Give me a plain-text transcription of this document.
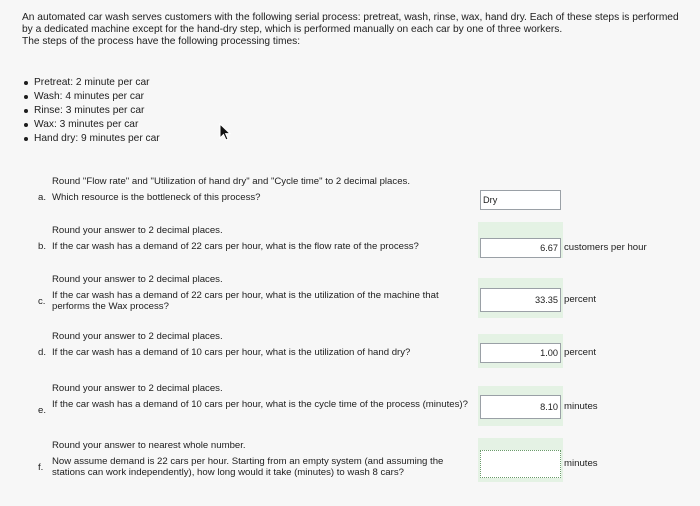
An automated car wash serves customers with the following serial process: pretreat, wash, rinse, wax, hand dry. Each of these steps is performed by a dedicated machine except for the hand-dry step, which is performed manually on each car by one of three workers.

The steps of the process have the following processing times:

Pretreat: 2 minute per car
Wash: 4 minutes per car
Rinse: 3 minutes per car
Wax: 3 minutes per car
Hand dry: 9 minutes per car
Round "Flow rate" and "Utilization of hand dry" and "Cycle time" to 2 decimal places.
a. Which resource is the bottleneck of this process?	Dry
Round your answer to 2 decimal places.
b. If the car wash has a demand of 22 cars per hour, what is the flow rate of the process?	6.67 customers per hour
Round your answer to 2 decimal places.
c.
If the car wash has a demand of 22 cars per hour, what is the utilization of the machine that performs the Wax process?
33.35 percent
Round your answer to 2 decimal places.
d. If the car wash has a demand of 10 cars per hour, what is the utilization of hand dry?	1.00 percent
Round your answer to 2 decimal places.
e.
If the car wash has a demand of 10 cars per hour, what is the cycle time of the process (minutes)?	8.10 minutes
Round your answer to nearest whole number.
f.
Now assume demand is 22 cars per hour. Starting from an empty system (and assuming the stations can work independently), how long would it take (minutes) to wash 8 cars?
minutes
